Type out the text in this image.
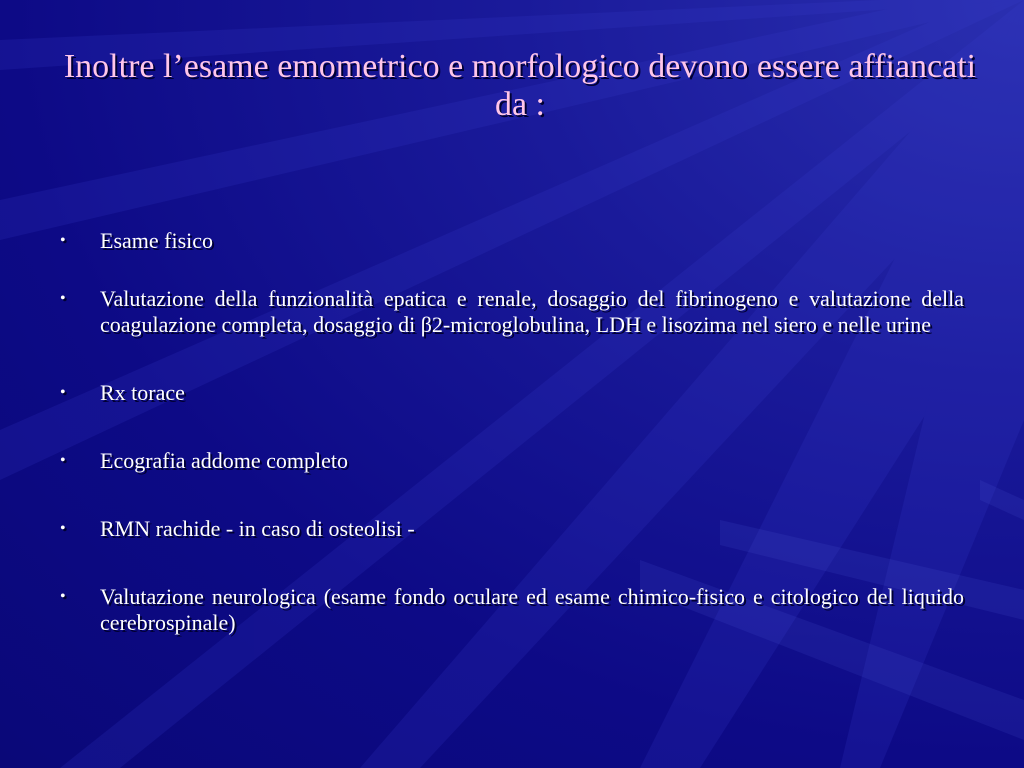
Inoltre l’esame emometrico e morfologico devono essere affiancati da :
• Esame fisico
• Valutazione della funzionalità epatica e renale, dosaggio del fibrinogeno e valutazione della coagulazione completa, dosaggio di β2-microglobulina, LDH e lisozima nel siero e nelle urine
• Rx torace
• Ecografia addome completo
• RMN rachide - in caso di osteolisi -
• Valutazione neurologica (esame fondo oculare ed esame chimico-fisico e citologico del liquido cerebrospinale)
